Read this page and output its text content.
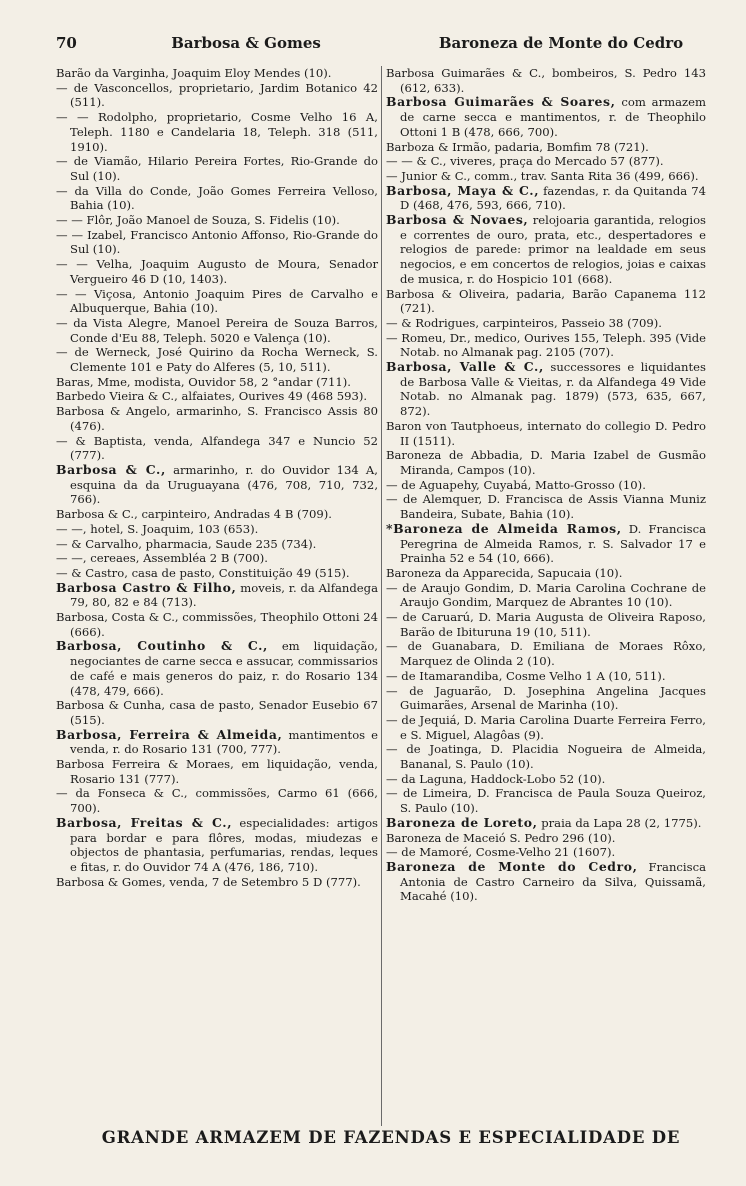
70	Barbosa & Gomes	Baroneza de Monte do Cedro

Barão da Varginha, Joaquim Eloy Mendes (10).

— de Vasconcellos, proprietario, Jardim Botanico 42 (511).

— — Rodolpho, proprietario, Cosme Velho 16 A, Teleph. 1180 e Candelaria 18, Teleph. 318 (511, 1910).

— de Viamão, Hilario Pereira Fortes, Rio-Grande do Sul (10).

— da Villa do Conde, João Gomes Ferreira Velloso, Bahia (10).

— — Flôr, João Manoel de Souza, S. Fidelis (10).

— — Izabel, Francisco Antonio Affonso, Rio-Grande do Sul (10).

— — Velha, Joaquim Augusto de Moura, Senador Vergueiro 46 D (10, 1403).

— — Viçosa, Antonio Joaquim Pires de Carvalho e Albuquerque, Bahia (10).

— da Vista Alegre, Manoel Pereira de Souza Barros, Conde d'Eu 88, Teleph. 5020 e Valença (10).

— de Werneck, José Quirino da Rocha Werneck, S. Clemente 101 e Paty do Alferes (5, 10, 511).

Baras, Mme, modista, Ouvidor 58, 2 °andar (711).

Barbedo Vieira & C., alfaiates, Ourives 49 (468 593).

Barbosa & Angelo, armarinho, S. Francisco Assis 80 (476).

— & Baptista, venda, Alfandega 347 e Nuncio 52 (777).

Barbosa & C., armarinho, r. do Ouvidor 134 A, esquina da da Uruguayana (476, 708, 710, 732, 766).

Barbosa & C., carpinteiro, Andradas 4 B (709).

— —, hotel, S. Joaquim, 103 (653).

— & Carvalho, pharmacia, Saude 235 (734).

— —, cereaes, Assembléa 2 B (700).

— & Castro, casa de pasto, Constituição 49 (515).

Barbosa Castro & Filho, moveis, r. da Alfandega 79, 80, 82 e 84 (713).

Barbosa, Costa & C., commissões, Theophilo Ottoni 24 (666).

Barbosa, Coutinho & C., em liquidação, negociantes de carne secca e assucar, commissarios de café e mais generos do paiz, r. do Rosario 134 (478, 479, 666).

Barbosa & Cunha, casa de pasto, Senador Eusebio 67 (515).

Barbosa, Ferreira & Almeida, mantimentos e venda, r. do Rosario 131 (700, 777).

Barbosa Ferreira & Moraes, em liquidação, venda, Rosario 131 (777).

— da Fonseca & C., commissões, Carmo 61 (666, 700).

Barbosa, Freitas & C., especialidades: artigos para bordar e para flôres, modas, miudezas e objectos de phantasia, perfumarias, rendas, leques e fitas, r. do Ouvidor 74 A (476, 186, 710).

Barbosa & Gomes, venda, 7 de Setembro 5 D (777).

Barbosa Guimarães & C., bombeiros, S. Pedro 143 (612, 633).

Barbosa Guimarães & Soares, com armazem de carne secca e mantimentos, r. de Theophilo Ottoni 1 B (478, 666, 700).

Barboza & Irmão, padaria, Bomfim 78 (721).

— — & C., viveres, praça do Mercado 57 (877).

— Junior & C., comm., trav. Santa Rita 36 (499, 666).

Barbosa, Maya & C., fazendas, r. da Quitanda 74 D (468, 476, 593, 666, 710).

Barbosa & Novaes, relojoaria garantida, relogios e correntes de ouro, prata, etc., despertadores e relogios de parede: primor na lealdade em seus negocios, e em concertos de relogios, joias e caixas de musica, r. do Hospicio 101 (668).

Barbosa & Oliveira, padaria, Barão Capanema 112 (721).

— & Rodrigues, carpinteiros, Passeio 38 (709).

— Romeu, Dr., medico, Ourives 155, Teleph. 395 (Vide Notab. no Almanak pag. 2105 (707).

Barbosa, Valle & C., successores e liquidantes de Barbosa Valle & Vieitas, r. da Alfandega 49 Vide Notab. no Almanak pag. 1879) (573, 635, 667, 872).

Baron von Tautphoeus, internato do collegio D. Pedro II (1511).

Baroneza de Abbadia, D. Maria Izabel de Gusmão Miranda, Campos (10).

— de Aguapehy, Cuyabá, Matto-Grosso (10).

— de Alemquer, D. Francisca de Assis Vianna Muniz Bandeira, Subate, Bahia (10).

*Baroneza de Almeida Ramos, D. Francisca Peregrina de Almeida Ramos, r. S. Salvador 17 e Prainha 52 e 54 (10, 666).

Baroneza da Apparecida, Sapucaia (10).

— de Araujo Gondim, D. Maria Carolina Cochrane de Araujo Gondim, Marquez de Abrantes 10 (10).

— de Caruarú, D. Maria Augusta de Oliveira Raposo, Barão de Ibituruna 19 (10, 511).

— de Guanabara, D. Emiliana de Moraes Rôxo, Marquez de Olinda 2 (10).

— de Itamarandiba, Cosme Velho 1 A (10, 511).

— de Jaguarão, D. Josephina Angelina Jacques Guimarães, Arsenal de Marinha (10).

— de Jequiá, D. Maria Carolina Duarte Ferreira Ferro, e S. Miguel, Alagôas (9).

— de Joatinga, D. Placidia Nogueira de Almeida, Bananal, S. Paulo (10).

— da Laguna, Haddock-Lobo 52 (10).

— de Limeira, D. Francisca de Paula Souza Queiroz, S. Paulo (10).

Baroneza de Loreto, praia da Lapa 28 (2, 1775).

Baroneza de Maceió S. Pedro 296 (10).

— de Mamoré, Cosme-Velho 21 (1607).

Baroneza de Monte do Cedro, Francisca Antonia de Castro Carneiro da Silva, Quissamã, Macahé (10).

GRANDE ARMAZEM DE FAZENDAS E ESPECIALIDADE DE
